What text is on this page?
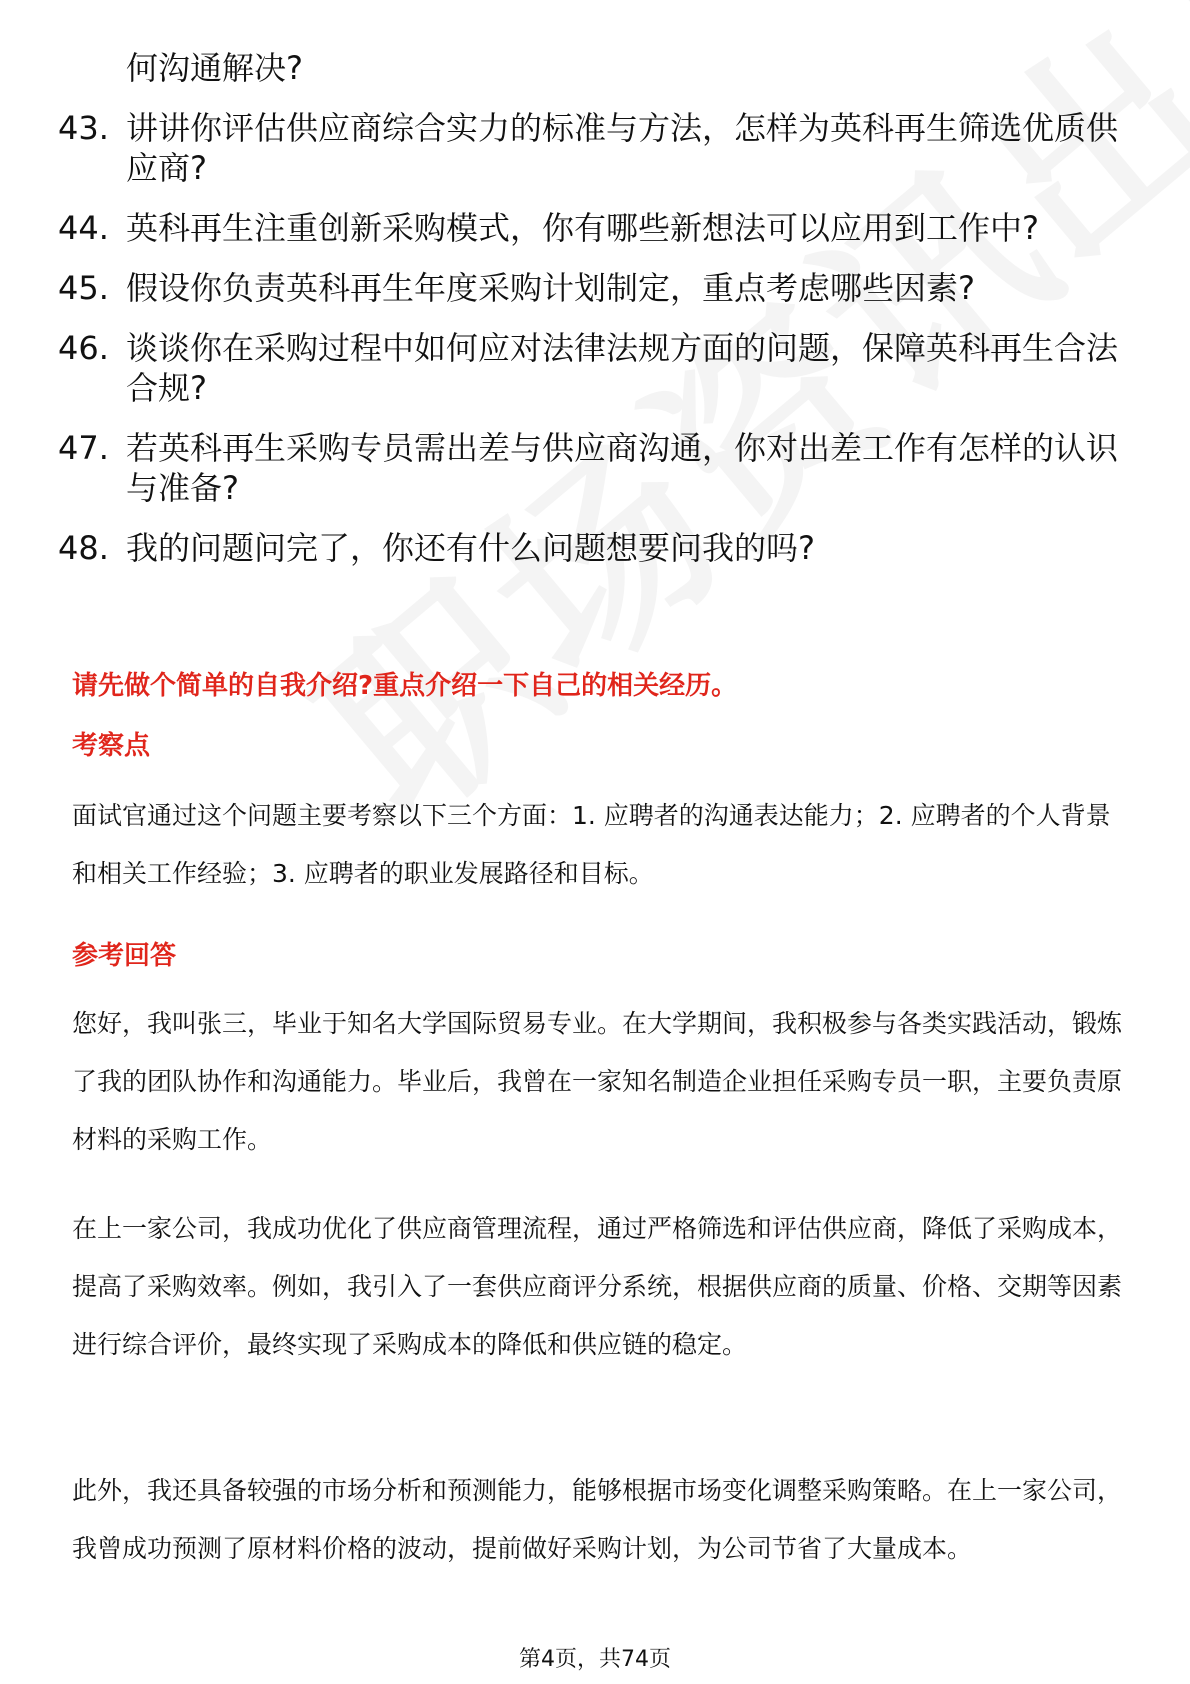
何沟通解决?
43. 讲讲你评估供应商综合实力的标准与方法，怎样为英科再生筛选优质供应商?
44. 英科再生注重创新采购模式，你有哪些新想法可以应用到工作中?
45. 假设你负责英科再生年度采购计划制定，重点考虑哪些因素?
46. 谈谈你在采购过程中如何应对法律法规方面的问题，保障英科再生合法合规?
47. 若英科再生采购专员需出差与供应商沟通，你对出差工作有怎样的认识与准备?
48. 我的问题问完了，你还有什么问题想要问我的吗?
请先做个简单的自我介绍?重点介绍一下自己的相关经历。
考察点
面试官通过这个问题主要考察以下三个方面：1. 应聘者的沟通表达能力；2. 应聘者的个人背景和相关工作经验；3. 应聘者的职业发展路径和目标。
参考回答
您好，我叫张三，毕业于知名大学国际贸易专业。在大学期间，我积极参与各类实践活动，锻炼了我的团队协作和沟通能力。毕业后，我曾在一家知名制造企业担任采购专员一职，主要负责原材料的采购工作。
在上一家公司，我成功优化了供应商管理流程，通过严格筛选和评估供应商，降低了采购成本，提高了采购效率。例如，我引入了一套供应商评分系统，根据供应商的质量、价格、交期等因素进行综合评价，最终实现了采购成本的降低和供应链的稳定。
此外，我还具备较强的市场分析和预测能力，能够根据市场变化调整采购策略。在上一家公司，我曾成功预测了原材料价格的波动，提前做好采购计划，为公司节省了大量成本。
第4页，共74页
